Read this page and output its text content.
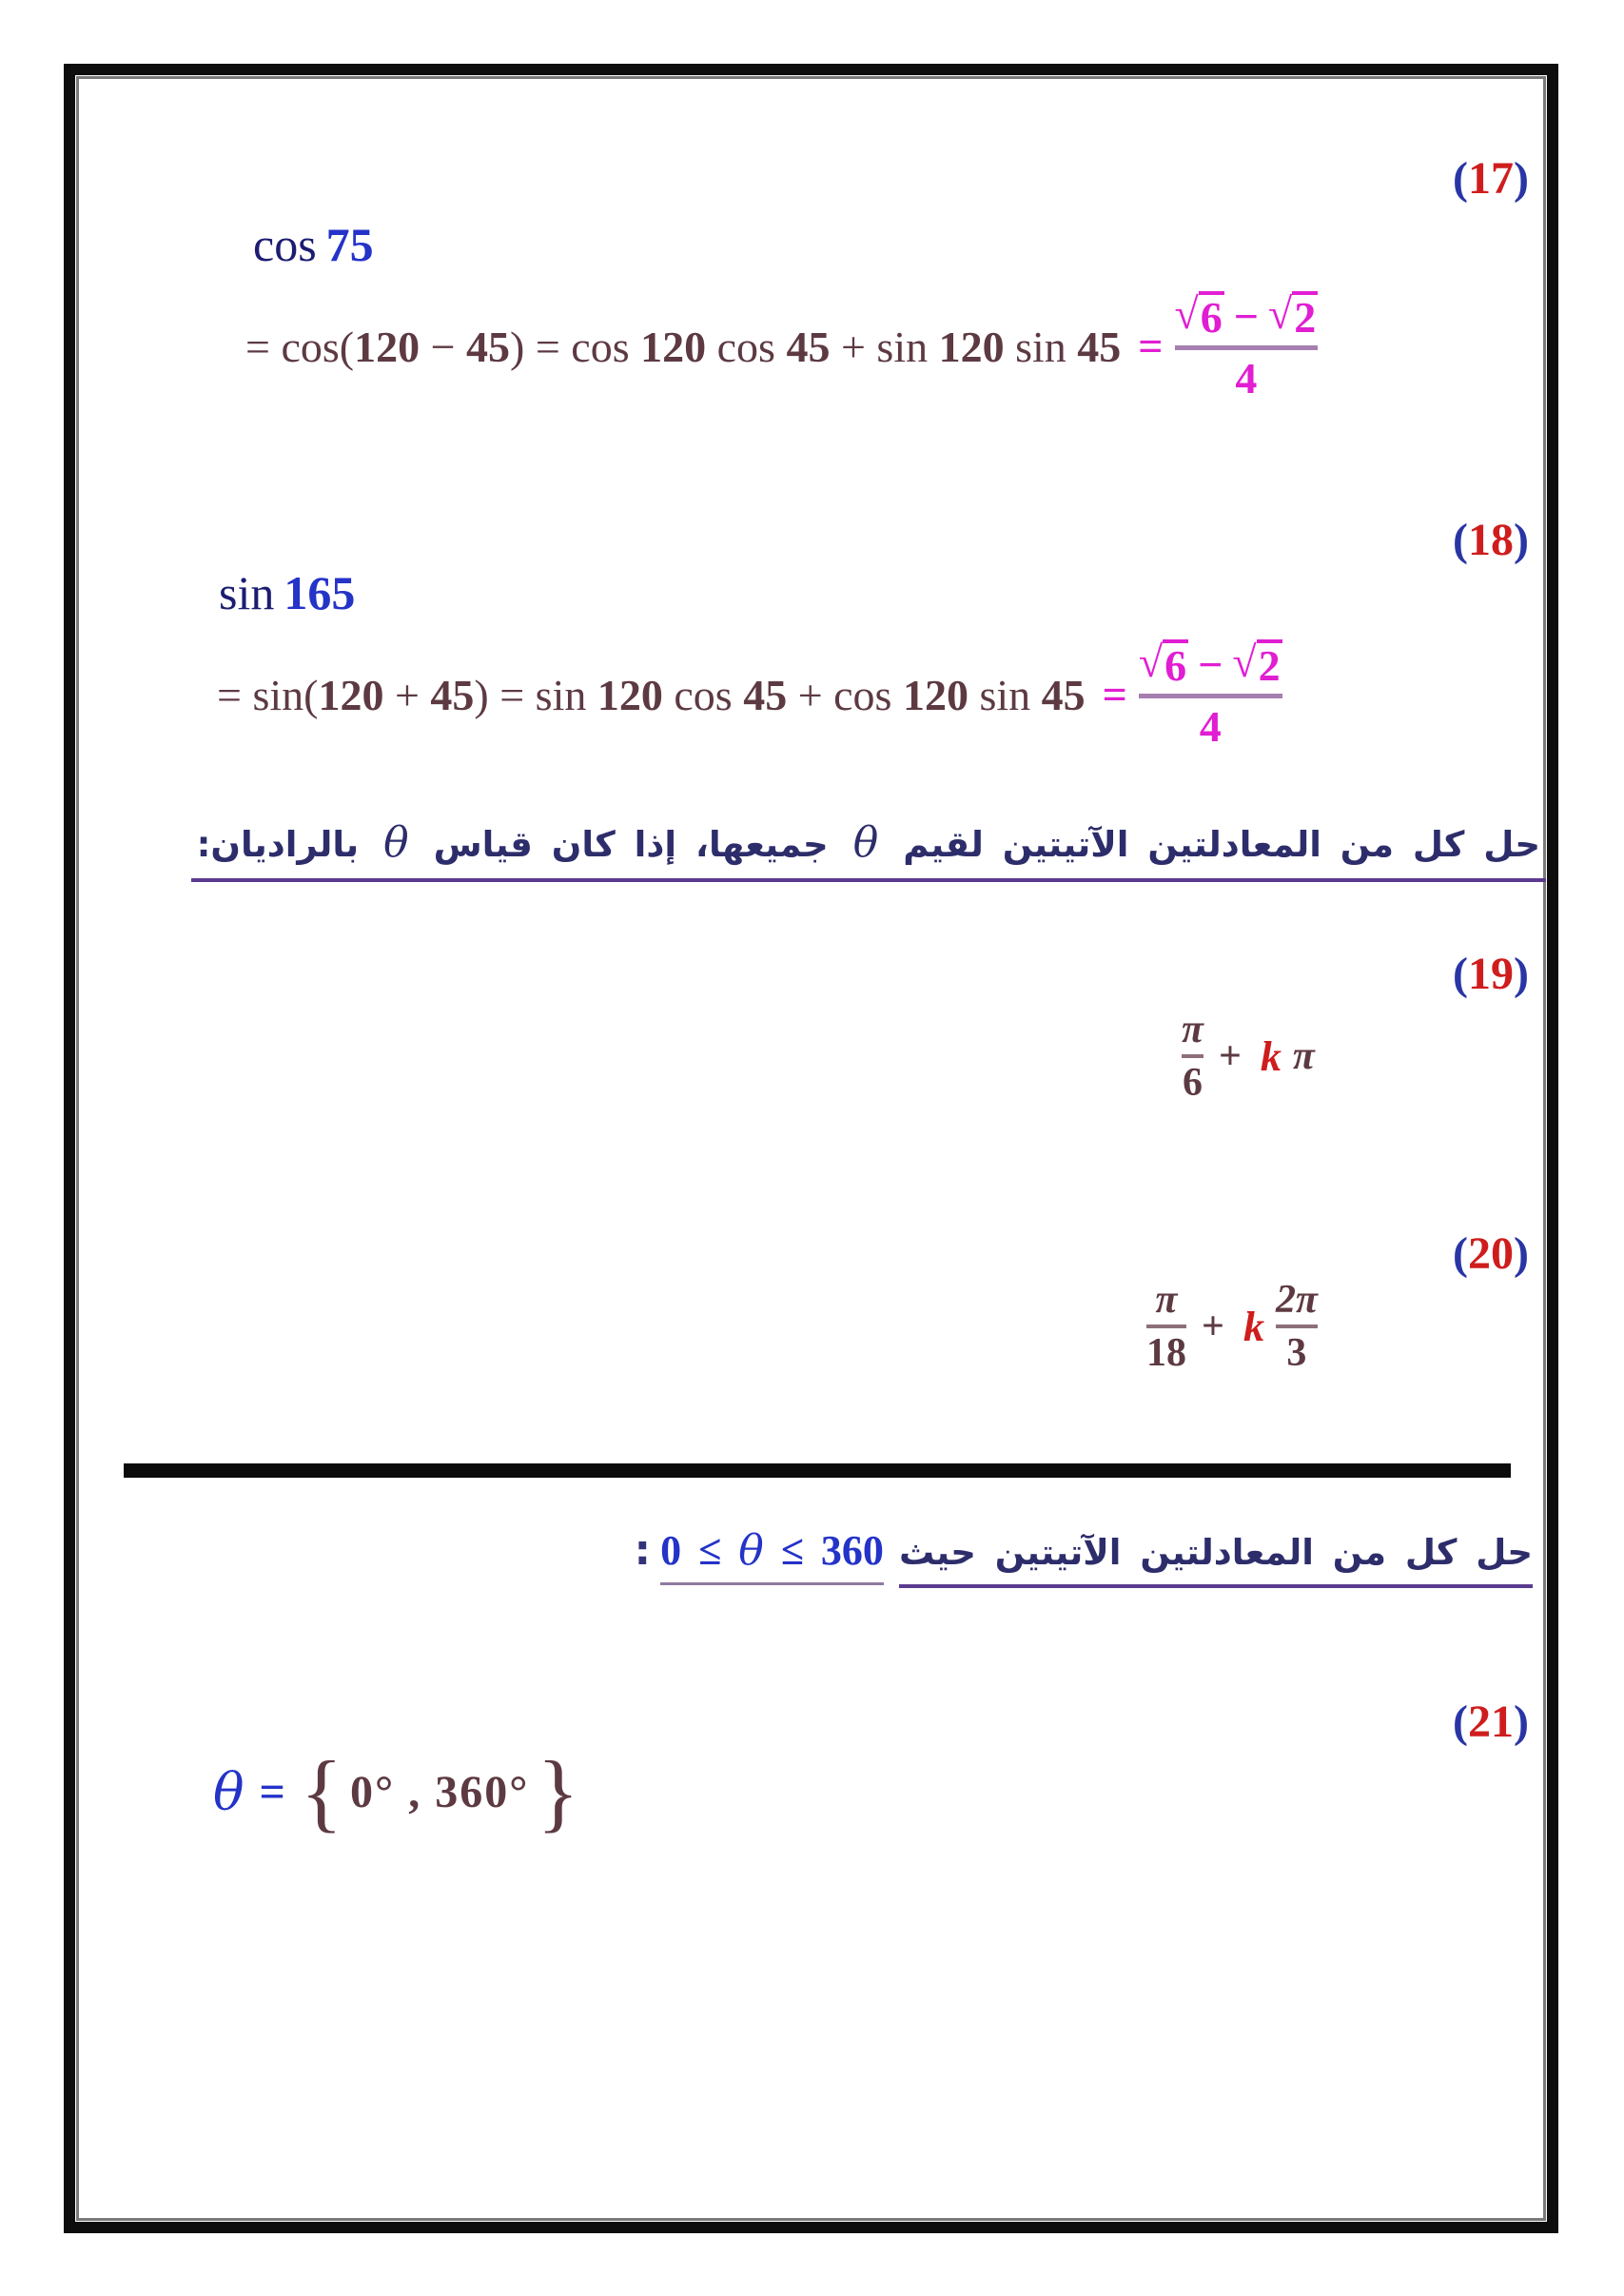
(17)
cos 75
= cos(120 − 45) = cos 120 cos 45 + sin 120 sin 45 =
√ 6 − √ 2
4
(18)
sin 165
= sin(120 + 45) = sin 120 cos 45 + cos 120 sin 45 =
√ 6 − √ 2
4
حل كل من المعادلتين الآتيتين لقيمθجميعها، إذا كان قياسθبالراديان:
(19)
π
6
+ k π
(20)
π
18
+ k
2π
3
حل كل من المعادلتين الآتيتين حيث0 ≤ θ ≤ 360:
(21)
θ = { 0° , 360° }
